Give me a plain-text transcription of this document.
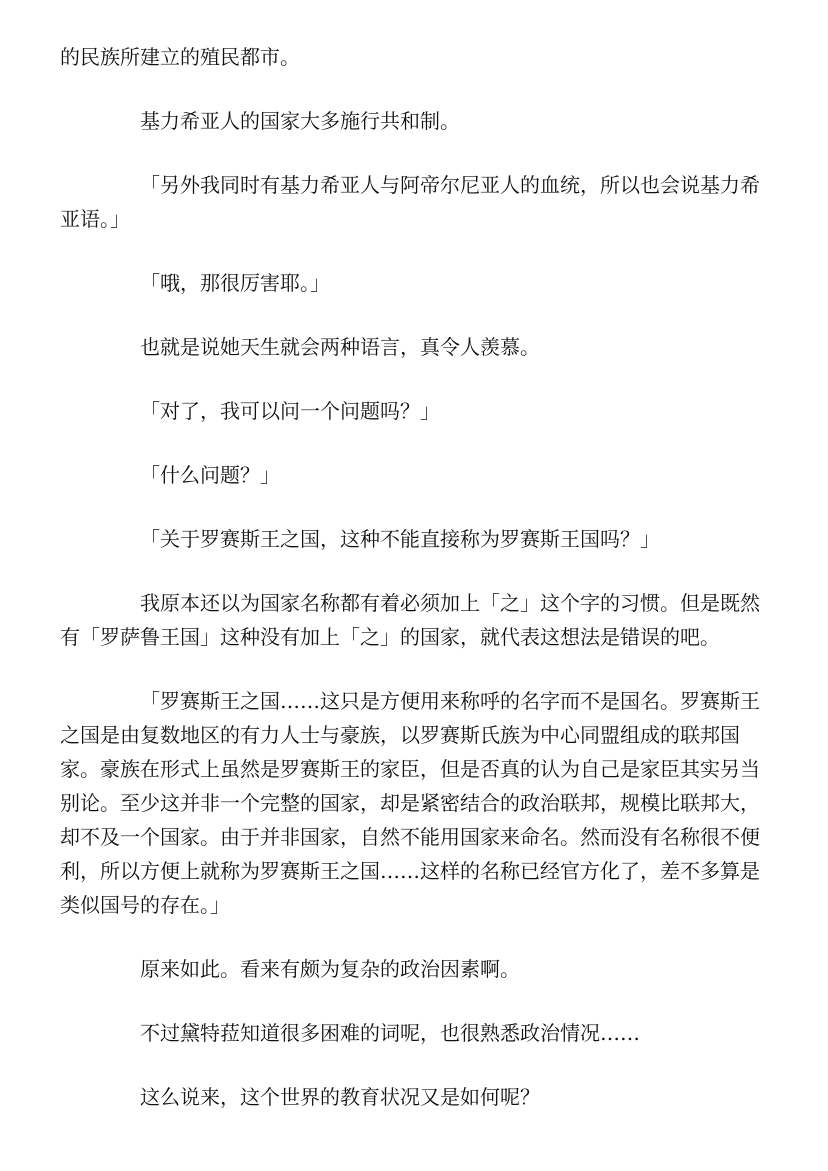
的民族所建立的殖民都市。

基力希亚人的国家大多施行共和制。

「另外我同时有基力希亚人与阿帝尔尼亚人的血统，所以也会说基力希亚语。」

「哦，那很厉害耶。」

也就是说她天生就会两种语言，真令人羡慕。

「对了，我可以问一个问题吗？」

「什么问题？」

「关于罗赛斯王之国，这种不能直接称为罗赛斯王国吗？」

我原本还以为国家名称都有着必须加上「之」这个字的习惯。但是既然有「罗萨鲁王国」这种没有加上「之」的国家，就代表这想法是错误的吧。

「罗赛斯王之国……这只是方便用来称呼的名字而不是国名。罗赛斯王之国是由复数地区的有力人士与豪族，以罗赛斯氏族为中心同盟组成的联邦国家。豪族在形式上虽然是罗赛斯王的家臣，但是否真的认为自己是家臣其实另当别论。至少这并非一个完整的国家，却是紧密结合的政治联邦，规模比联邦大，却不及一个国家。由于并非国家，自然不能用国家来命名。然而没有名称很不便利，所以方便上就称为罗赛斯王之国……这样的名称已经官方化了，差不多算是类似国号的存在。」

原来如此。看来有颇为复杂的政治因素啊。

不过黛特菈知道很多困难的词呢，也很熟悉政治情况……

这么说来，这个世界的教育状况又是如何呢？
